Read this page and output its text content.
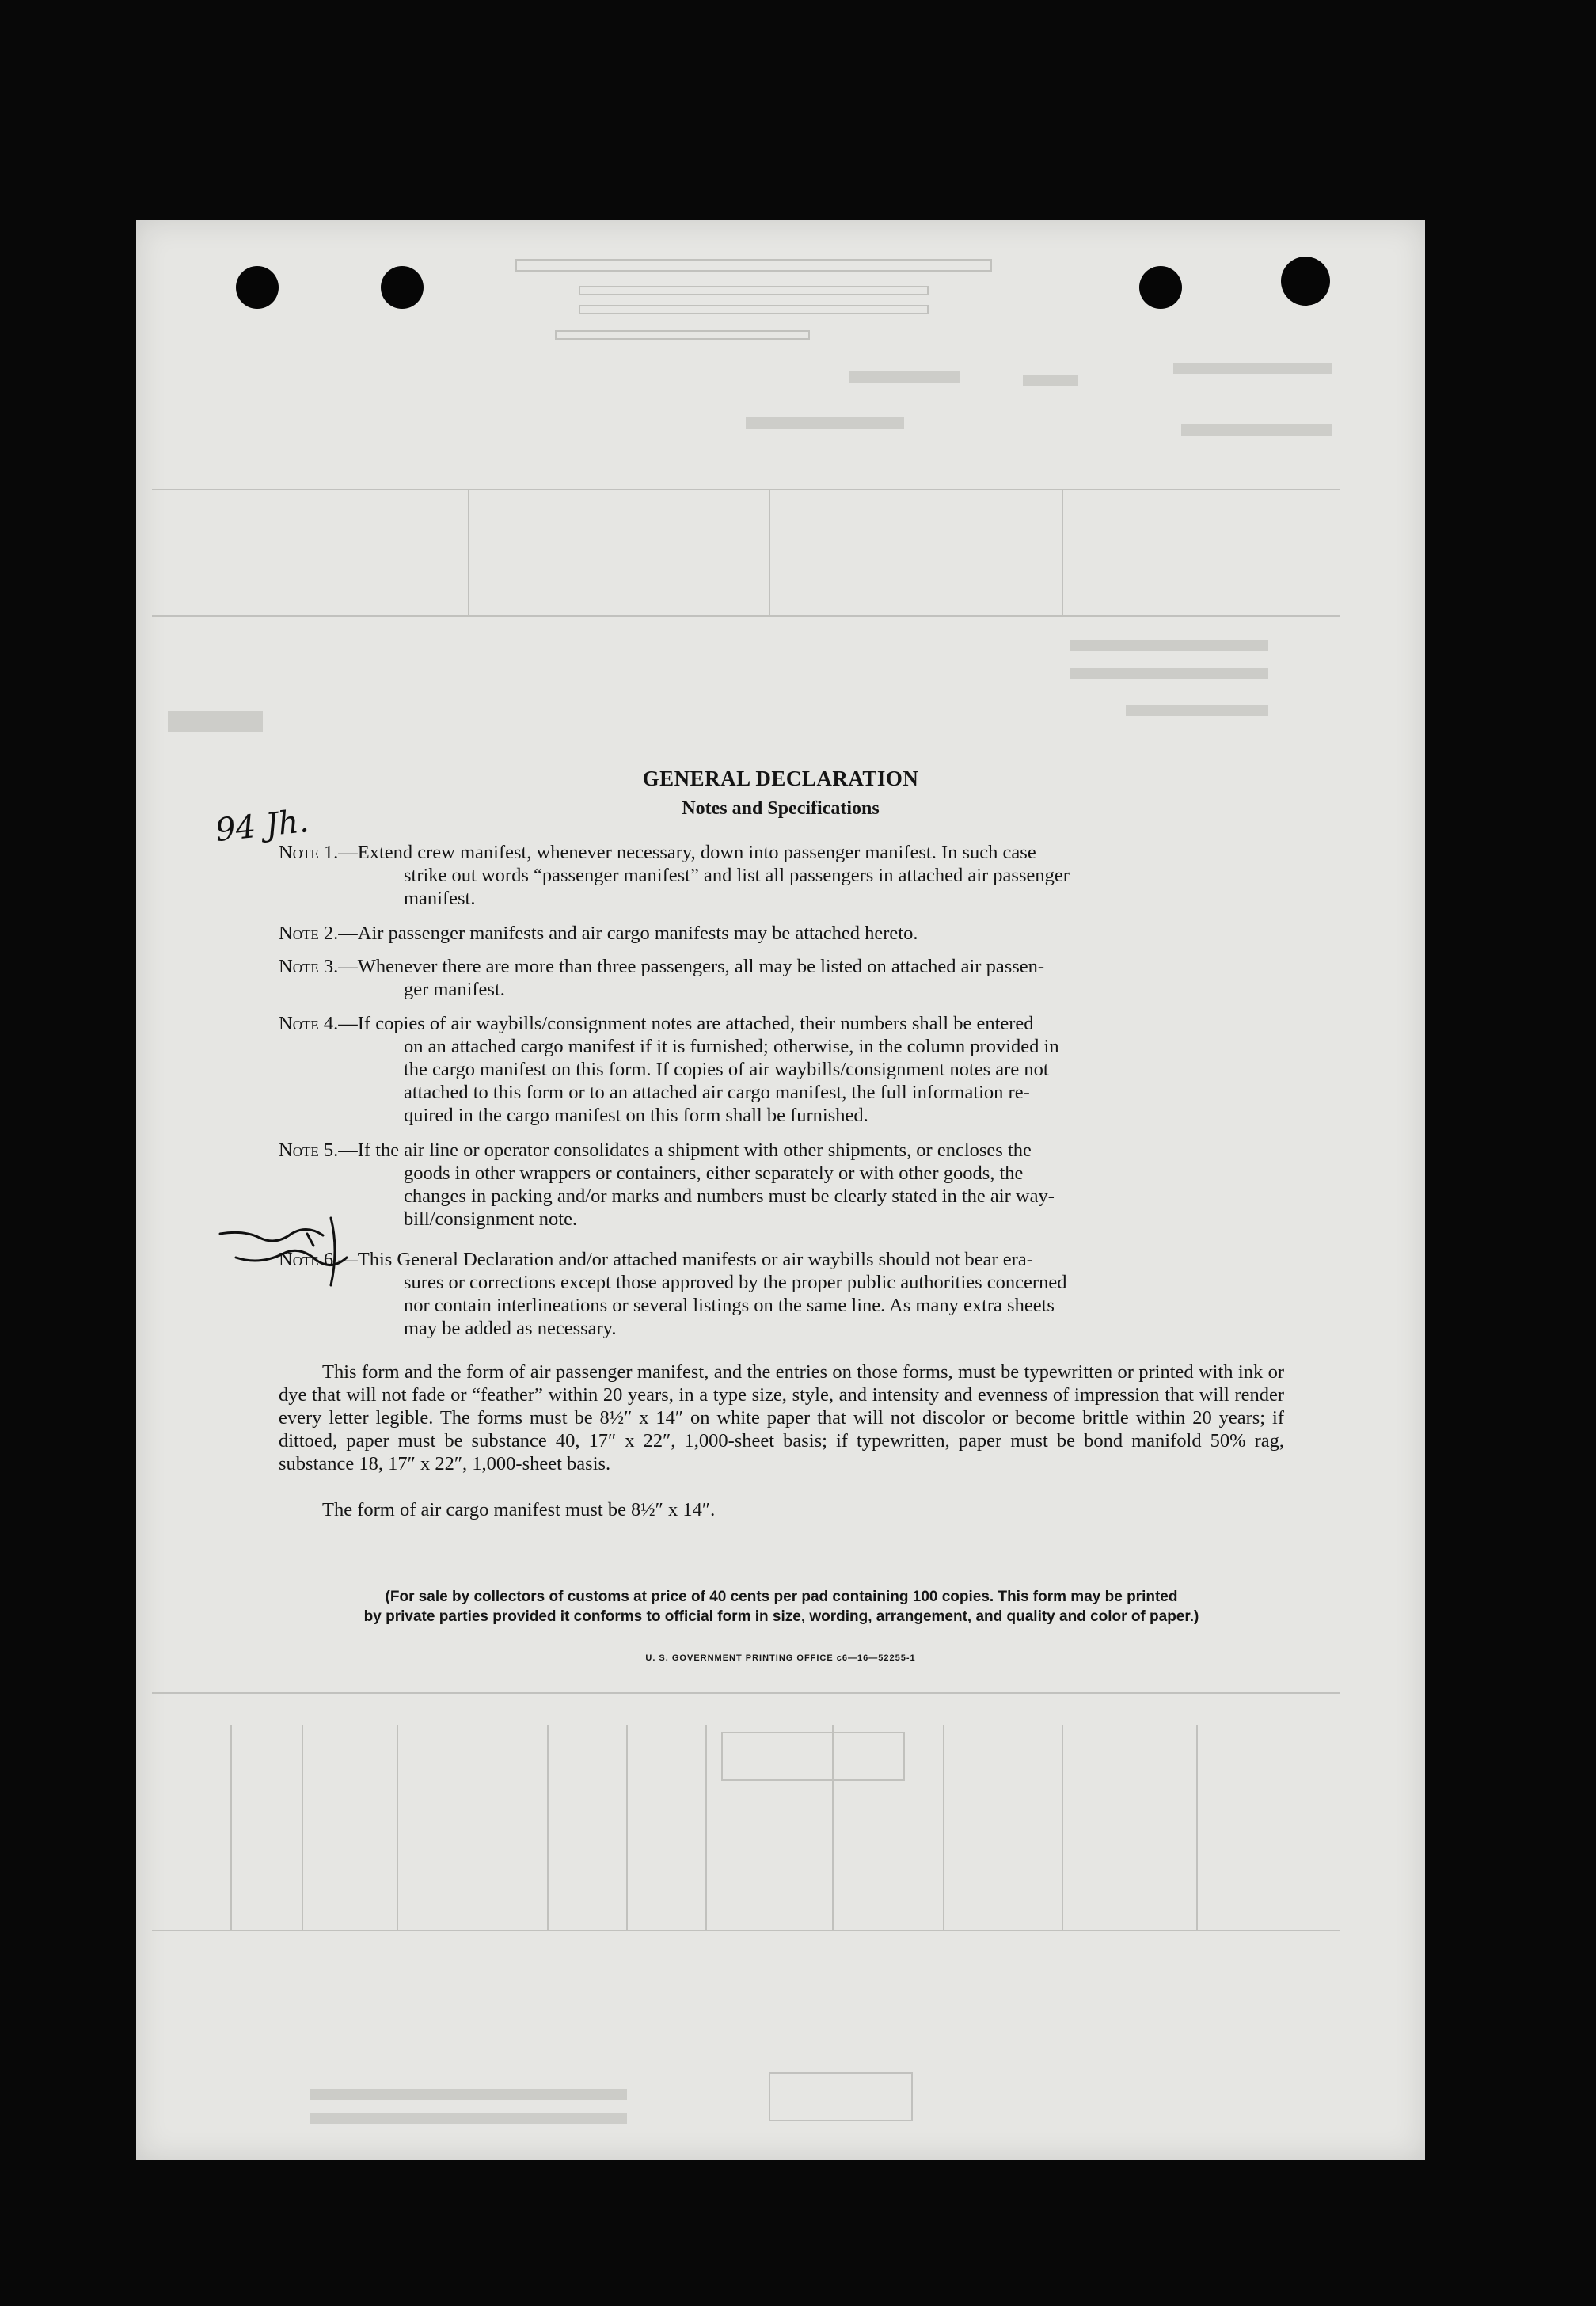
GENERAL DECLARATION
Notes and Specifications
Note 1.—Extend crew manifest, whenever necessary, down into passenger manifest. In such case
strike out words “passenger manifest” and list all passengers in attached air passenger
manifest.
Note 2.—Air passenger manifests and air cargo manifests may be attached hereto.
Note 3.—Whenever there are more than three passengers, all may be listed on attached air passen-
ger manifest.
Note 4.—If copies of air waybills/consignment notes are attached, their numbers shall be entered
on an attached cargo manifest if it is furnished; otherwise, in the column provided in
the cargo manifest on this form. If copies of air waybills/consignment notes are not
attached to this form or to an attached air cargo manifest, the full information re-
quired in the cargo manifest on this form shall be furnished.
Note 5.—If the air line or operator consolidates a shipment with other shipments, or encloses the
goods in other wrappers or containers, either separately or with other goods, the
changes in packing and/or marks and numbers must be clearly stated in the air way-
bill/consignment note.
Note 6.—This General Declaration and/or attached manifests or air waybills should not bear era-
sures or corrections except those approved by the proper public authorities concerned
nor contain interlineations or several listings on the same line. As many extra sheets
may be added as necessary.
This form and the form of air passenger manifest, and the entries on those forms, must be typewritten or printed with ink or dye that will not fade or “feather” within 20 years, in a type size, style, and intensity and evenness of impression that will render every letter legible. The forms must be 8½″ x 14″ on white paper that will not discolor or become brittle within 20 years; if dittoed, paper must be substance 40, 17″ x 22″, 1,000-sheet basis; if typewritten, paper must be bond manifold 50% rag, substance 18, 17″ x 22″, 1,000-sheet basis.
The form of air cargo manifest must be 8½″ x 14″.
(For sale by collectors of customs at price of 40 cents per pad containing 100 copies. This form may be printed
by private parties provided it conforms to official form in size, wording, arrangement, and quality and color of paper.)
U. S. GOVERNMENT PRINTING OFFICE c6—16—52255-1
94 Jh.
